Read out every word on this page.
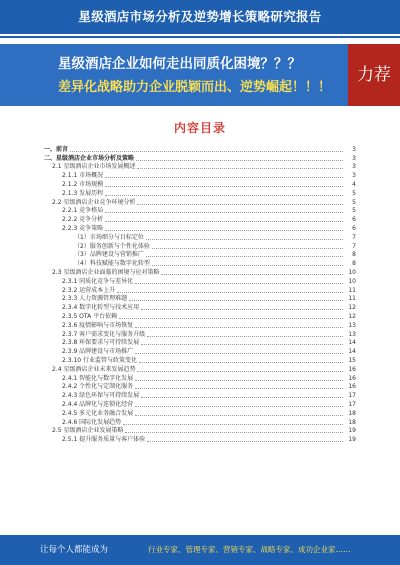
星级酒店市场分析及逆势增长策略研究报告
星级酒店企业如何走出同质化困境？？？
差异化战略助力企业脱颖而出、逆势崛起！！！
力荐
内容目录
一、前言	3
二、星级酒店企业市场分析及策略	3
2.1 星级酒店企业市场发展概述	3
2.1.1 市场概况	3
2.1.2 市场规模	4
2.1.3 发展历程	5
2.2 星级酒店企业竞争环境分析	5
2.2.1 竞争格局	5
2.2.2 竞争分析	6
2.2.3 竞争策略	6
（1）市场细分与目标定位	7
（2）服务创新与个性化体验	7
（3）品牌建设与营销推广	8
（4）科技赋能与数字化转型	8
2.3 星级酒店企业面临的困境与应对策略	10
2.3.1 同质化竞争与差异化	10
2.3.2 运营成本上升	11
2.3.3 人力资源管理难题	11
2.3.4 数字化转型与技术应用	12
2.3.5 OTA 平台依赖	12
2.3.6 疫情影响与市场恢复	13
2.3.7 客户需求变化与服务升级	13
2.3.8 环保要求与可持续发展	14
2.3.9 品牌建设与市场推广	14
2.3.10 行业监管与政策变化	15
2.4 星级酒店企业未来发展趋势	16
2.4.1 智能化与数字化发展	16
2.4.2 个性化与定制化服务	16
2.4.3 绿色环保与可持续发展	17
2.4.4 品牌化与连锁化经营	17
2.4.5 多元化业务融合发展	18
2.4.6 国际化发展趋势	18
2.5 星级酒店企业发展策略	19
2.5.1 提升服务质量与客户体验	19
让每个人都能成为	行业专家、管理专家、营销专家、战略专家、成功企业家……
